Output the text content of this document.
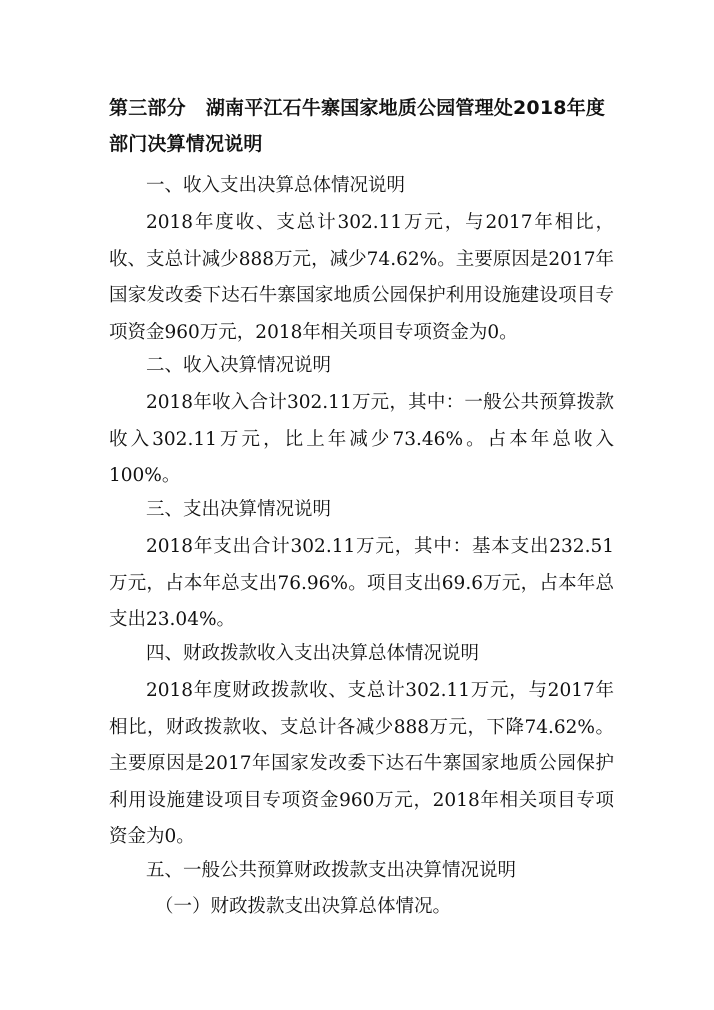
第三部分 湖南平江石牛寨国家地质公园管理处2018年度
部门决算情况说明

一、收入支出决算总体情况说明

2018年度收、支总计302.11万元，与2017年相比，收、支总计减少888万元，减少74.62%。主要原因是2017年国家发改委下达石牛寨国家地质公园保护利用设施建设项目专项资金960万元，2018年相关项目专项资金为0。

二、收入决算情况说明

2018年收入合计302.11万元，其中：一般公共预算拨款收入302.11万元，比上年减少73.46%。占本年总收入100%。

三、支出决算情况说明

2018年支出合计302.11万元，其中：基本支出232.51万元，占本年总支出76.96%。项目支出69.6万元，占本年总支出23.04%。

四、财政拨款收入支出决算总体情况说明

2018年度财政拨款收、支总计302.11万元，与2017年相比，财政拨款收、支总计各减少888万元，下降74.62%。主要原因是2017年国家发改委下达石牛寨国家地质公园保护利用设施建设项目专项资金960万元，2018年相关项目专项资金为0。

五、一般公共预算财政拨款支出决算情况说明

（一）财政拨款支出决算总体情况。
